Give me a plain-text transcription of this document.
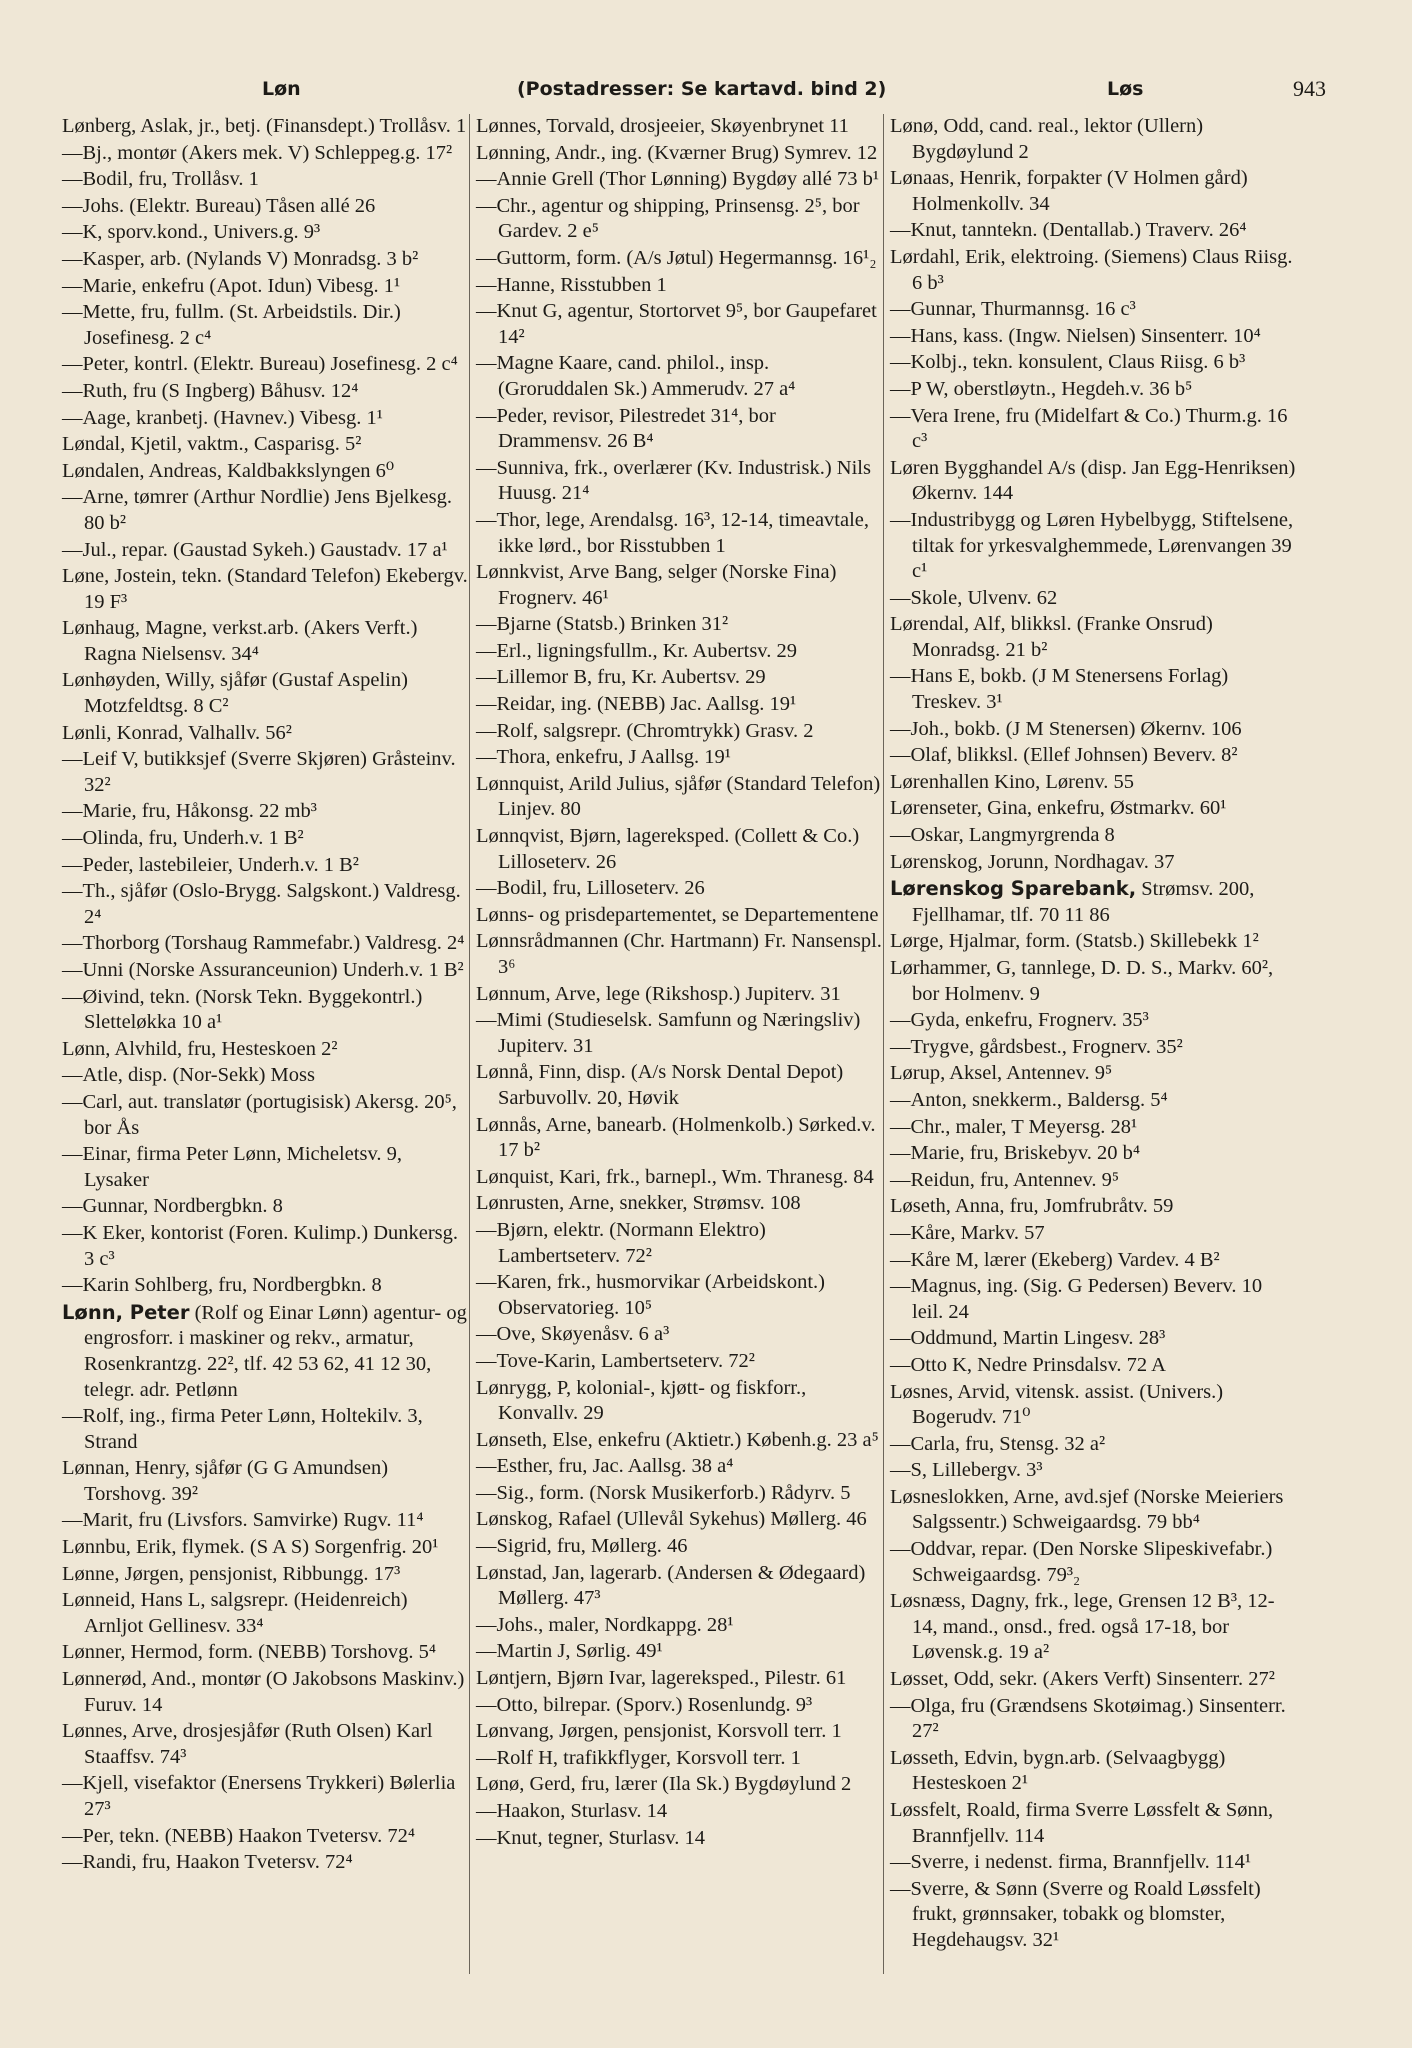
Løn	(Postadresser: Se kartavd. bind 2)	Løs	943
Lønberg, Aslak, jr., betj. (Finansdept.) Trollåsv. 1
—Bj., montør (Akers mek. V) Schleppeg.g. 17²
—Bodil, fru, Trollåsv. 1
—Johs. (Elektr. Bureau) Tåsen allé 26
—K, sporv.kond., Univers.g. 9³
—Kasper, arb. (Nylands V) Monradsg. 3 b²
—Marie, enkefru (Apot. Idun) Vibesg. 1¹
—Mette, fru, fullm. (St. Arbeidstils. Dir.) Josefinesg. 2 c⁴
—Peter, kontrl. (Elektr. Bureau) Josefinesg. 2 c⁴
—Ruth, fru (S Ingberg) Båhusv. 12⁴
—Aage, kranbetj. (Havnev.) Vibesg. 1¹
Løndal, Kjetil, vaktm., Casparisg. 5²
Løndalen, Andreas, Kaldbakkslyngen 6⁰
—Arne, tømrer (Arthur Nordlie) Jens Bjelkesg. 80 b²
—Jul., repar. (Gaustad Sykeh.) Gaustadv. 17 a¹
Løne, Jostein, tekn. (Standard Telefon) Ekebergv. 19 F³
Lønhaug, Magne, verkst.arb. (Akers Verft.) Ragna Nielsensv. 34⁴
Lønhøyden, Willy, sjåfør (Gustaf Aspelin) Motzfeldtsg. 8 C²
Lønli, Konrad, Valhallv. 56²
—Leif V, butikksjef (Sverre Skjøren) Gråsteinv. 32²
—Marie, fru, Håkonsg. 22 mb³
—Olinda, fru, Underh.v. 1 B²
—Peder, lastebileier, Underh.v. 1 B²
—Th., sjåfør (Oslo-Brygg. Salgskont.) Valdresg. 2⁴
—Thorborg (Torshaug Rammefabr.) Valdresg. 2⁴
—Unni (Norske Assuranceunion) Underh.v. 1 B²
—Øivind, tekn. (Norsk Tekn. Byggekontrl.) Sletteløkka 10 a¹
Lønn, Alvhild, fru, Hesteskoen 2²
—Atle, disp. (Nor-Sekk) Moss
—Carl, aut. translatør (portugisisk) Akersg. 20⁵, bor Ås
—Einar, firma Peter Lønn, Micheletsv. 9, Lysaker
—Gunnar, Nordbergbkn. 8
—K Eker, kontorist (Foren. Kulimp.) Dunkersg. 3 c³
—Karin Sohlberg, fru, Nordbergbkn. 8
Lønn, Peter (Rolf og Einar Lønn) agentur- og engrosforr. i maskiner og rekv., armatur, Rosenkrantzg. 22², tlf. 42 53 62, 41 12 30, telegr. adr. Petlønn
—Rolf, ing., firma Peter Lønn, Holtekilv. 3, Strand
Lønnan, Henry, sjåfør (G G Amundsen) Torshovg. 39²
—Marit, fru (Livsfors. Samvirke) Rugv. 11⁴
Lønnbu, Erik, flymek. (S A S) Sorgenfrig. 20¹
Lønne, Jørgen, pensjonist, Ribbungg. 17³
Lønneid, Hans L, salgsrepr. (Heidenreich) Arnljot Gellinesv. 33⁴
Lønner, Hermod, form. (NEBB) Torshovg. 5⁴
Lønnerød, And., montør (O Jakobsons Maskinv.) Furuv. 14
Lønnes, Arve, drosjesjåfør (Ruth Olsen) Karl Staaffsv. 74³
—Kjell, visefaktor (Enersens Trykkeri) Bølerlia 27³
—Per, tekn. (NEBB) Haakon Tvetersv. 72⁴
—Randi, fru, Haakon Tvetersv. 72⁴
Lønnes, Torvald, drosjeeier, Skøyenbrynet 11
Lønning, Andr., ing. (Kværner Brug) Symrev. 12
—Annie Grell (Thor Lønning) Bygdøy allé 73 b¹
—Chr., agentur og shipping, Prinsensg. 2⁵, bor Gardev. 2 e⁵
—Guttorm, form. (A/s Jøtul) Hegermannsg. 16¹₂
—Hanne, Risstubben 1
—Knut G, agentur, Stortorvet 9⁵, bor Gaupefaret 14²
—Magne Kaare, cand. philol., insp. (Groruddalen Sk.) Ammerudv. 27 a⁴
—Peder, revisor, Pilestredet 31⁴, bor Drammensv. 26 B⁴
—Sunniva, frk., overlærer (Kv. Industrisk.) Nils Huusg. 21⁴
—Thor, lege, Arendalsg. 16³, 12-14, timeavtale, ikke lørd., bor Risstubben 1
Lønnkvist, Arve Bang, selger (Norske Fina) Frognerv. 46¹
—Bjarne (Statsb.) Brinken 31²
—Erl., ligningsfullm., Kr. Aubertsv. 29
—Lillemor B, fru, Kr. Aubertsv. 29
—Reidar, ing. (NEBB) Jac. Aallsg. 19¹
—Rolf, salgsrepr. (Chromtrykk) Grasv. 2
—Thora, enkefru, J Aallsg. 19¹
Lønnquist, Arild Julius, sjåfør (Standard Telefon) Linjev. 80
Lønnqvist, Bjørn, lagereksped. (Collett & Co.) Lilloseterv. 26
—Bodil, fru, Lilloseterv. 26
Lønns- og prisdepartementet, se Departementene
Lønnsrådmannen (Chr. Hartmann) Fr. Nansenspl. 3⁶
Lønnum, Arve, lege (Rikshosp.) Jupiterv. 31
—Mimi (Studieselsk. Samfunn og Næringsliv) Jupiterv. 31
Lønnå, Finn, disp. (A/s Norsk Dental Depot) Sarbuvollv. 20, Høvik
Lønnås, Arne, banearb. (Holmenkolb.) Sørked.v. 17 b²
Lønquist, Kari, frk., barnepl., Wm. Thranesg. 84
Lønrusten, Arne, snekker, Strømsv. 108
—Bjørn, elektr. (Normann Elektro) Lambertseterv. 72²
—Karen, frk., husmorvikar (Arbeidskont.) Observatorieg. 10⁵
—Ove, Skøyenåsv. 6 a³
—Tove-Karin, Lambertseterv. 72²
Lønrygg, P, kolonial-, kjøtt- og fiskforr., Konvallv. 29
Lønseth, Else, enkefru (Aktietr.) Københ.g. 23 a⁵
—Esther, fru, Jac. Aallsg. 38 a⁴
—Sig., form. (Norsk Musikerforb.) Rådyrv. 5
Lønskog, Rafael (Ullevål Sykehus) Møllerg. 46
—Sigrid, fru, Møllerg. 46
Lønstad, Jan, lagerarb. (Andersen & Ødegaard) Møllerg. 47³
—Johs., maler, Nordkappg. 28¹
—Martin J, Sørlig. 49¹
Løntjern, Bjørn Ivar, lagereksped., Pilestr. 61
—Otto, bilrepar. (Sporv.) Rosenlundg. 9³
Lønvang, Jørgen, pensjonist, Korsvoll terr. 1
—Rolf H, trafikkflyger, Korsvoll terr. 1
Lønø, Gerd, fru, lærer (Ila Sk.) Bygdøylund 2
—Haakon, Sturlasv. 14
—Knut, tegner, Sturlasv. 14
Lønø, Odd, cand. real., lektor (Ullern) Bygdøylund 2
Lønaas, Henrik, forpakter (V Holmen gård) Holmenkollv. 34
—Knut, tanntekn. (Dentallab.) Traverv. 26⁴
Lørdahl, Erik, elektroing. (Siemens) Claus Riisg. 6 b³
—Gunnar, Thurmannsg. 16 c³
—Hans, kass. (Ingw. Nielsen) Sinsenterr. 10⁴
—Kolbj., tekn. konsulent, Claus Riisg. 6 b³
—P W, oberstløytn., Hegdeh.v. 36 b⁵
—Vera Irene, fru (Midelfart & Co.) Thurm.g. 16 c³
Løren Bygghandel A/s (disp. Jan Egg-Henriksen) Økernv. 144
—Industribygg og Løren Hybelbygg, Stiftelsene, tiltak for yrkesvalghemmede, Lørenvangen 39 c¹
—Skole, Ulvenv. 62
Lørendal, Alf, blikksl. (Franke Onsrud) Monradsg. 21 b²
—Hans E, bokb. (J M Stenersens Forlag) Treskev. 3¹
—Joh., bokb. (J M Stenersen) Økernv. 106
—Olaf, blikksl. (Ellef Johnsen) Beverv. 8²
Lørenhallen Kino, Lørenv. 55
Lørenseter, Gina, enkefru, Østmarkv. 60¹
—Oskar, Langmyrgrenda 8
Lørenskog, Jorunn, Nordhagav. 37
Lørenskog Sparebank, Strømsv. 200, Fjellhamar, tlf. 70 11 86
Lørge, Hjalmar, form. (Statsb.) Skillebekk 1²
Lørhammer, G, tannlege, D. D. S., Markv. 60², bor Holmenv. 9
—Gyda, enkefru, Frognerv. 35³
—Trygve, gårdsbest., Frognerv. 35²
Lørup, Aksel, Antennev. 9⁵
—Anton, snekkerm., Baldersg. 5⁴
—Chr., maler, T Meyersg. 28¹
—Marie, fru, Briskebyv. 20 b⁴
—Reidun, fru, Antennev. 9⁵
Løseth, Anna, fru, Jomfrubråtv. 59
—Kåre, Markv. 57
—Kåre M, lærer (Ekeberg) Vardev. 4 B²
—Magnus, ing. (Sig. G Pedersen) Beverv. 10 leil. 24
—Oddmund, Martin Lingesv. 28³
—Otto K, Nedre Prinsdalsv. 72 A
Løsnes, Arvid, vitensk. assist. (Univers.) Bogerudv. 71⁰
—Carla, fru, Stensg. 32 a²
—S, Lillebergv. 3³
Løsneslokken, Arne, avd.sjef (Norske Meieriers Salgssentr.) Schweigaardsg. 79 bb⁴
—Oddvar, repar. (Den Norske Slipeskivefabr.) Schweigaardsg. 79³₂
Løsnæss, Dagny, frk., lege, Grensen 12 B³, 12-14, mand., onsd., fred. også 17-18, bor Løvensk.g. 19 a²
Løsset, Odd, sekr. (Akers Verft) Sinsenterr. 27²
—Olga, fru (Grændsens Skotøimag.) Sinsenterr. 27²
Løsseth, Edvin, bygn.arb. (Selvaagbygg) Hesteskoen 2¹
Løssfelt, Roald, firma Sverre Løssfelt & Sønn, Brannfjellv. 114
—Sverre, i nedenst. firma, Brannfjellv. 114¹
—Sverre, & Sønn (Sverre og Roald Løssfelt) frukt, grønnsaker, tobakk og blomster, Hegdehaugsv. 32¹
